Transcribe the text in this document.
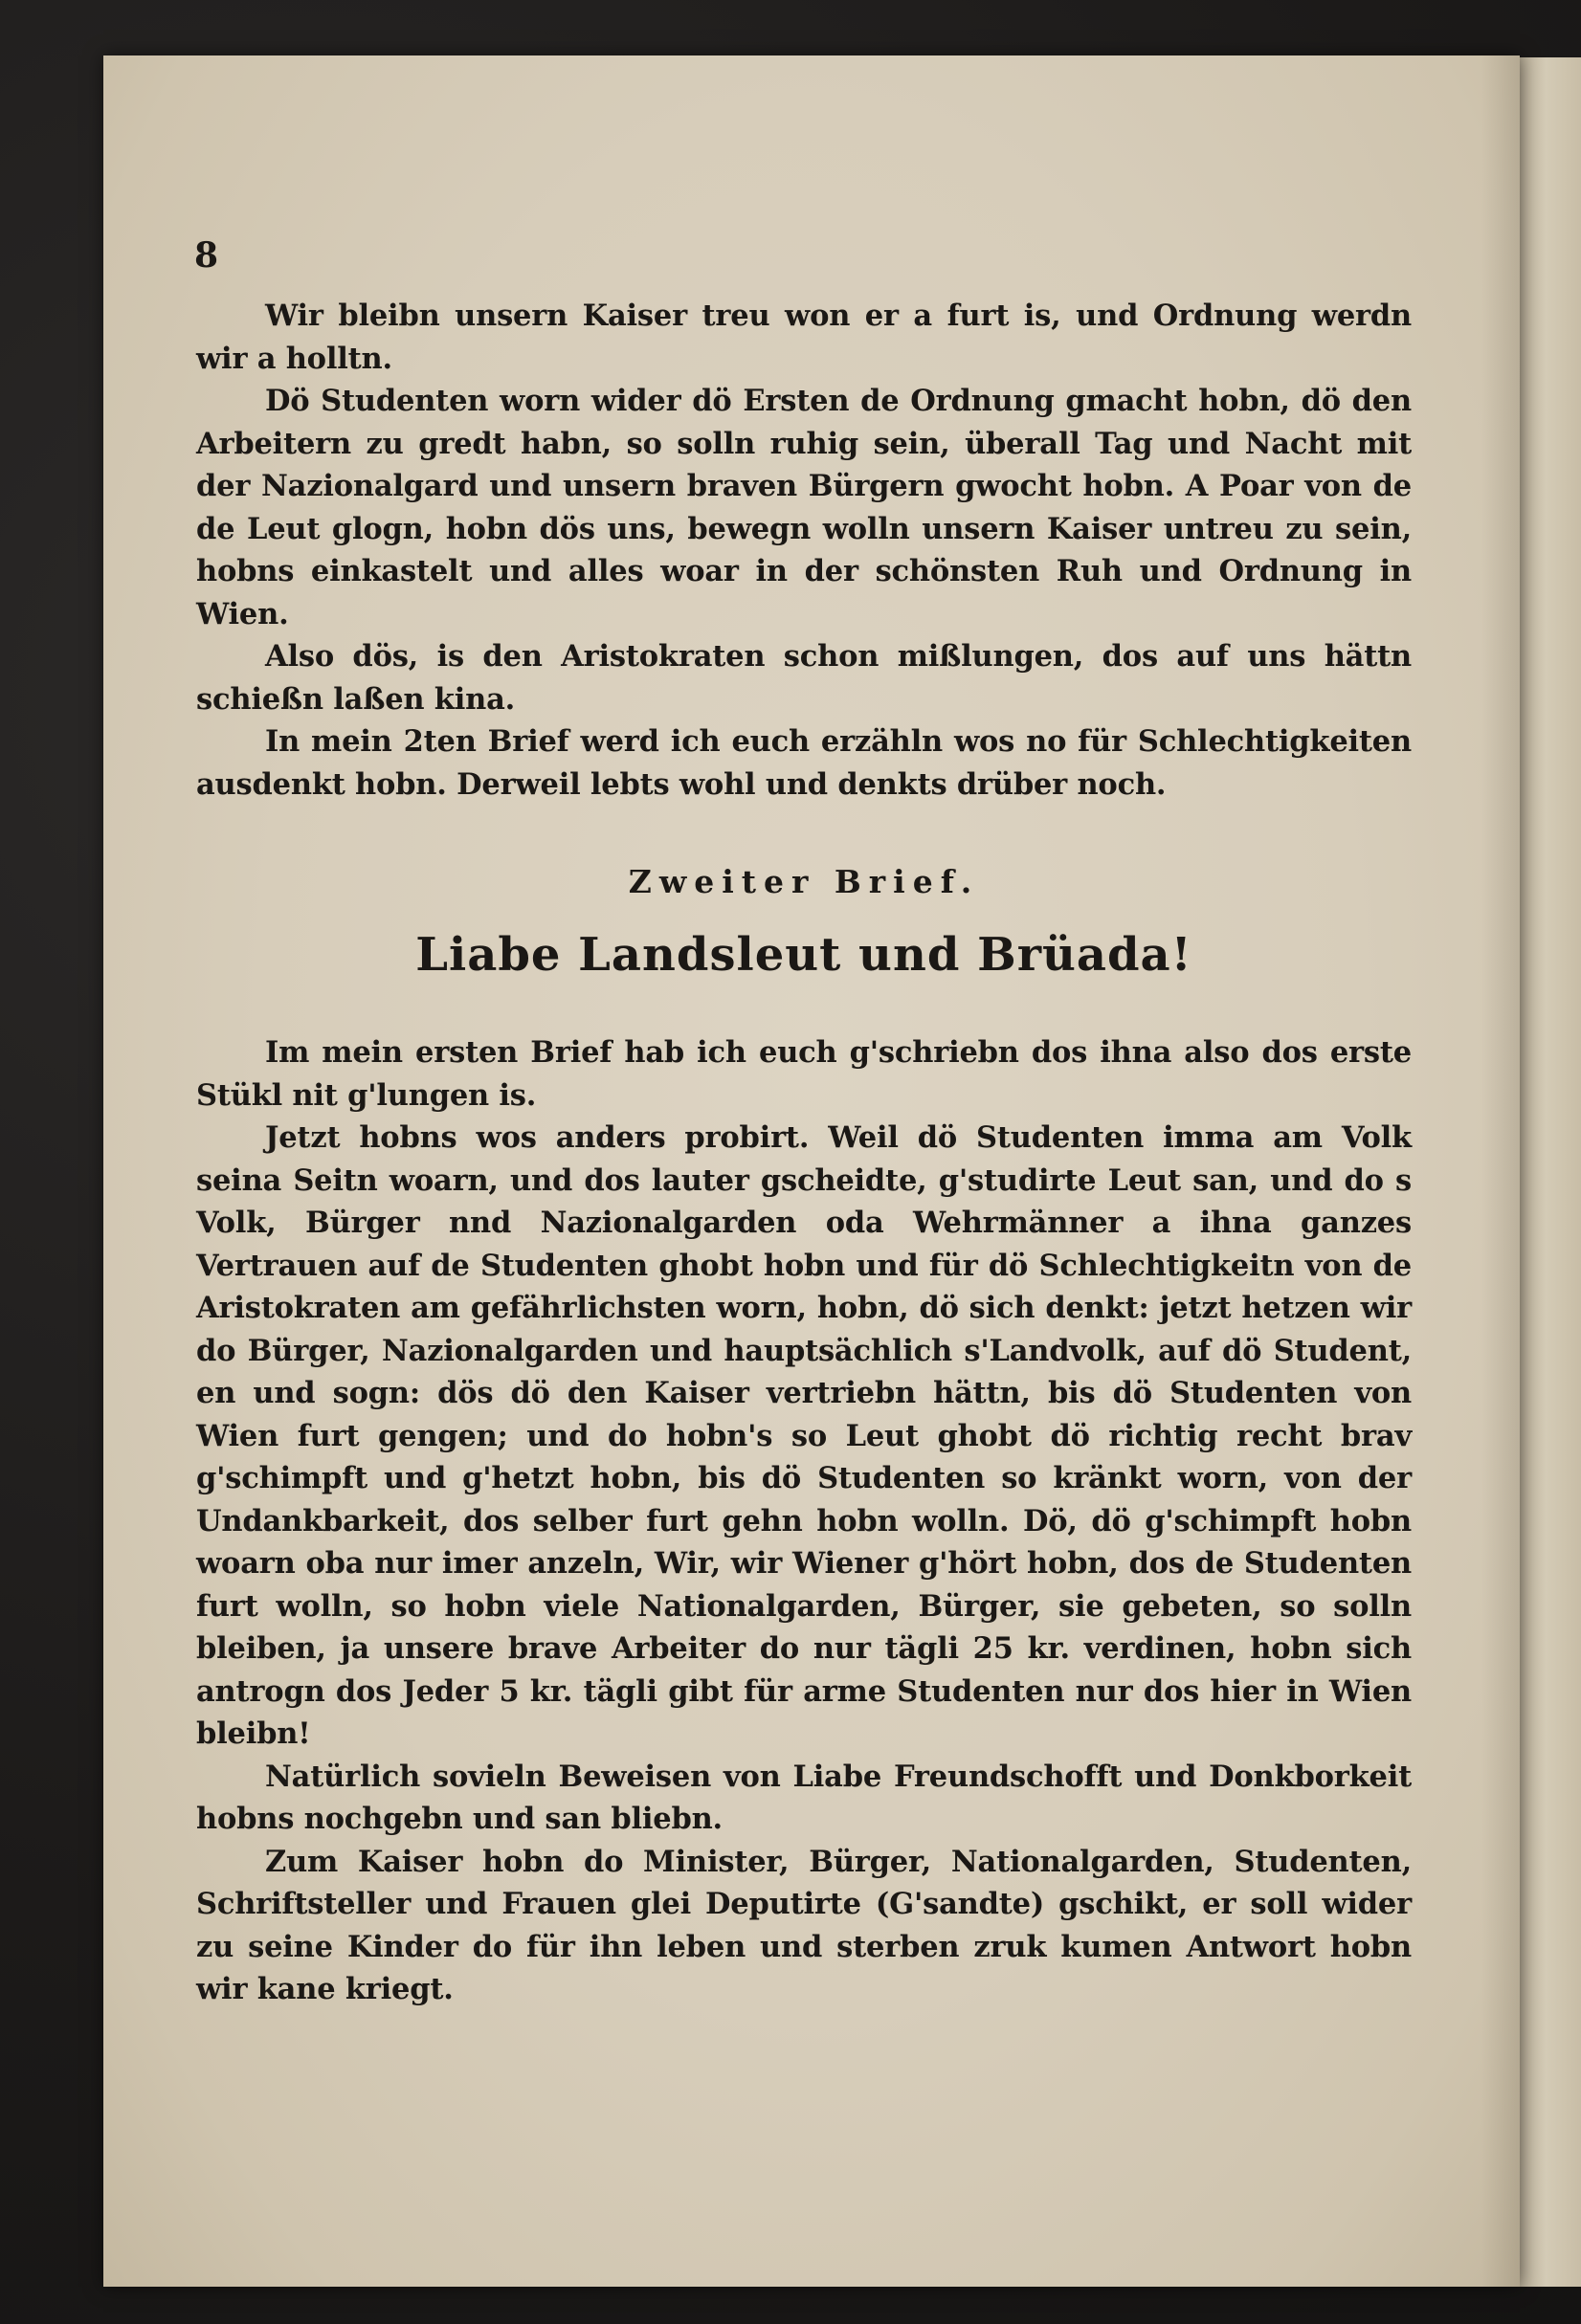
8

Wir bleibn unsern Kaiser treu won er a furt is, und Ordnung werdn wir a holltn.

Dö Studenten worn wider dö Ersten de Ordnung gmacht hobn, dö den Arbeitern zu gredt habn, so solln ruhig sein, überall Tag und Nacht mit der Nazionalgard und unsern braven Bürgern gwocht hobn. A Poar von de de Leut glogn, hobn dös uns, bewegn wolln unsern Kaiser untreu zu sein, hobns einkastelt und alles woar in der schönsten Ruh und Ordnung in Wien.

Also dös, is den Aristokraten schon mißlungen, dos auf uns hättn schießn laßen kina.

In mein 2ten Brief werd ich euch erzähln wos no für Schlechtigkeiten ausdenkt hobn. Derweil lebts wohl und denkts drüber noch.

Zweiter Brief.
Liabe Landsleut und Brüada!

Im mein ersten Brief hab ich euch g'schriebn dos ihna also dos erste Stükl nit g'lungen is.

Jetzt hobns wos anders probirt. Weil dö Studenten imma am Volk seina Seitn woarn, und dos lauter gscheidte, g'studirte Leut san, und do s Volk, Bürger nnd Nazionalgarden oda Wehrmänner a ihna ganzes Vertrauen auf de Studenten ghobt hobn und für dö Schlechtigkeitn von de Aristokraten am gefährlichsten worn, hobn, dö sich denkt: jetzt hetzen wir do Bürger, Nazionalgarden und hauptsächlich s'Landvolk, auf dö Student, en und sogn: dös dö den Kaiser vertriebn hättn, bis dö Studenten von Wien furt gengen; und do hobn's so Leut ghobt dö richtig recht brav g'schimpft und g'hetzt hobn, bis dö Studenten so kränkt worn, von der Undankbarkeit, dos selber furt gehn hobn wolln. Dö, dö g'schimpft hobn woarn oba nur imer anzeln, Wir, wir Wiener g'hört hobn, dos de Studenten furt wolln, so hobn viele Nationalgarden, Bürger, sie gebeten, so solln bleiben, ja unsere brave Arbeiter do nur tägli 25 kr. verdinen, hobn sich antrogn dos Jeder 5 kr. tägli gibt für arme Studenten nur dos hier in Wien bleibn!

Natürlich sovieln Beweisen von Liabe Freundschofft und Donkborkeit hobns nochgebn und san bliebn.

Zum Kaiser hobn do Minister, Bürger, Nationalgarden, Studenten, Schriftsteller und Frauen glei Deputirte (G'sandte) gschikt, er soll wider zu seine Kinder do für ihn leben und sterben zruk kumen Antwort hobn wir kane kriegt.
